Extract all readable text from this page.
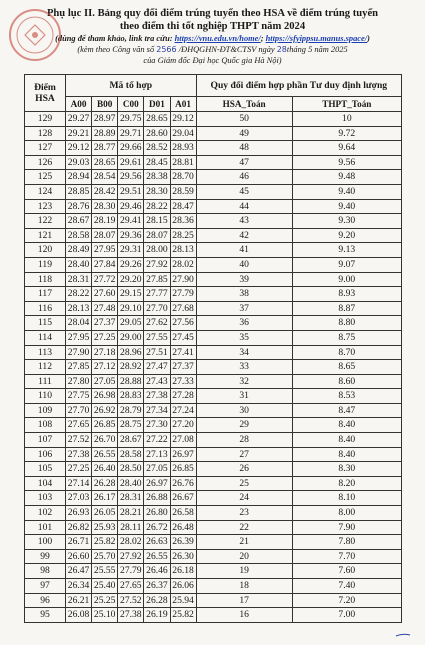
Phụ lục II. Bảng quy đổi điểm trúng tuyển theo HSA về điểm trúng tuyển
theo điểm thi tốt nghiệp THPT năm 2024
(dùng để tham khảo, link tra cứu: https://vnu.edu.vn/home/; https://sfyippsu.manus.space/)
(kèm theo Công văn số 2566 /ĐHQGHN-ĐT&CTSV ngày 28tháng 5 năm 2025
của Giám đốc Đại học Quốc gia Hà Nội)
Điểm HSA	Mã tổ hợp					Quy đổi điểm hợp phần Tư duy định lượng	
	A00	B00	C00	D01	A01	HSA_Toán	THPT_Toán
129	29.27	28.97	29.75	28.65	29.12	50	10
128	29.21	28.89	29.71	28.60	29.04	49	9.72
127	29.12	28.77	29.66	28.52	28.93	48	9.64
126	29.03	28.65	29.61	28.45	28.81	47	9.56
125	28.94	28.54	29.56	28.38	28.70	46	9.48
124	28.85	28.42	29.51	28.30	28.59	45	9.40
123	28.76	28.30	29.46	28.22	28.47	44	9.40
122	28.67	28.19	29.41	28.15	28.36	43	9.30
121	28.58	28.07	29.36	28.07	28.25	42	9.20
120	28.49	27.95	29.31	28.00	28.13	41	9.13
119	28.40	27.84	29.26	27.92	28.02	40	9.07
118	28.31	27.72	29.20	27.85	27.90	39	9.00
117	28.22	27.60	29.15	27.77	27.79	38	8.93
116	28.13	27.48	29.10	27.70	27.68	37	8.87
115	28.04	27.37	29.05	27.62	27.56	36	8.80
114	27.95	27.25	29.00	27.55	27.45	35	8.75
113	27.90	27.18	28.96	27.51	27.41	34	8.70
112	27.85	27.12	28.92	27.47	27.37	33	8.65
111	27.80	27.05	28.88	27.43	27.33	32	8.60
110	27.75	26.98	28.83	27.38	27.28	31	8.53
109	27.70	26.92	28.79	27.34	27.24	30	8.47
108	27.65	26.85	28.75	27.30	27.20	29	8.40
107	27.52	26.70	28.67	27.22	27.08	28	8.40
106	27.38	26.55	28.58	27.13	26.97	27	8.40
105	27.25	26.40	28.50	27.05	26.85	26	8.30
104	27.14	26.28	28.40	26.97	26.76	25	8.20
103	27.03	26.17	28.31	26.88	26.67	24	8.10
102	26.93	26.05	28.21	26.80	26.58	23	8.00
101	26.82	25.93	28.11	26.72	26.48	22	7.90
100	26.71	25.82	28.02	26.63	26.39	21	7.80
99	26.60	25.70	27.92	26.55	26.30	20	7.70
98	26.47	25.55	27.79	26.46	26.18	19	7.60
97	26.34	25.40	27.65	26.37	26.06	18	7.40
96	26.21	25.25	27.52	26.28	25.94	17	7.20
95	26.08	25.10	27.38	26.19	25.82	16	7.00
